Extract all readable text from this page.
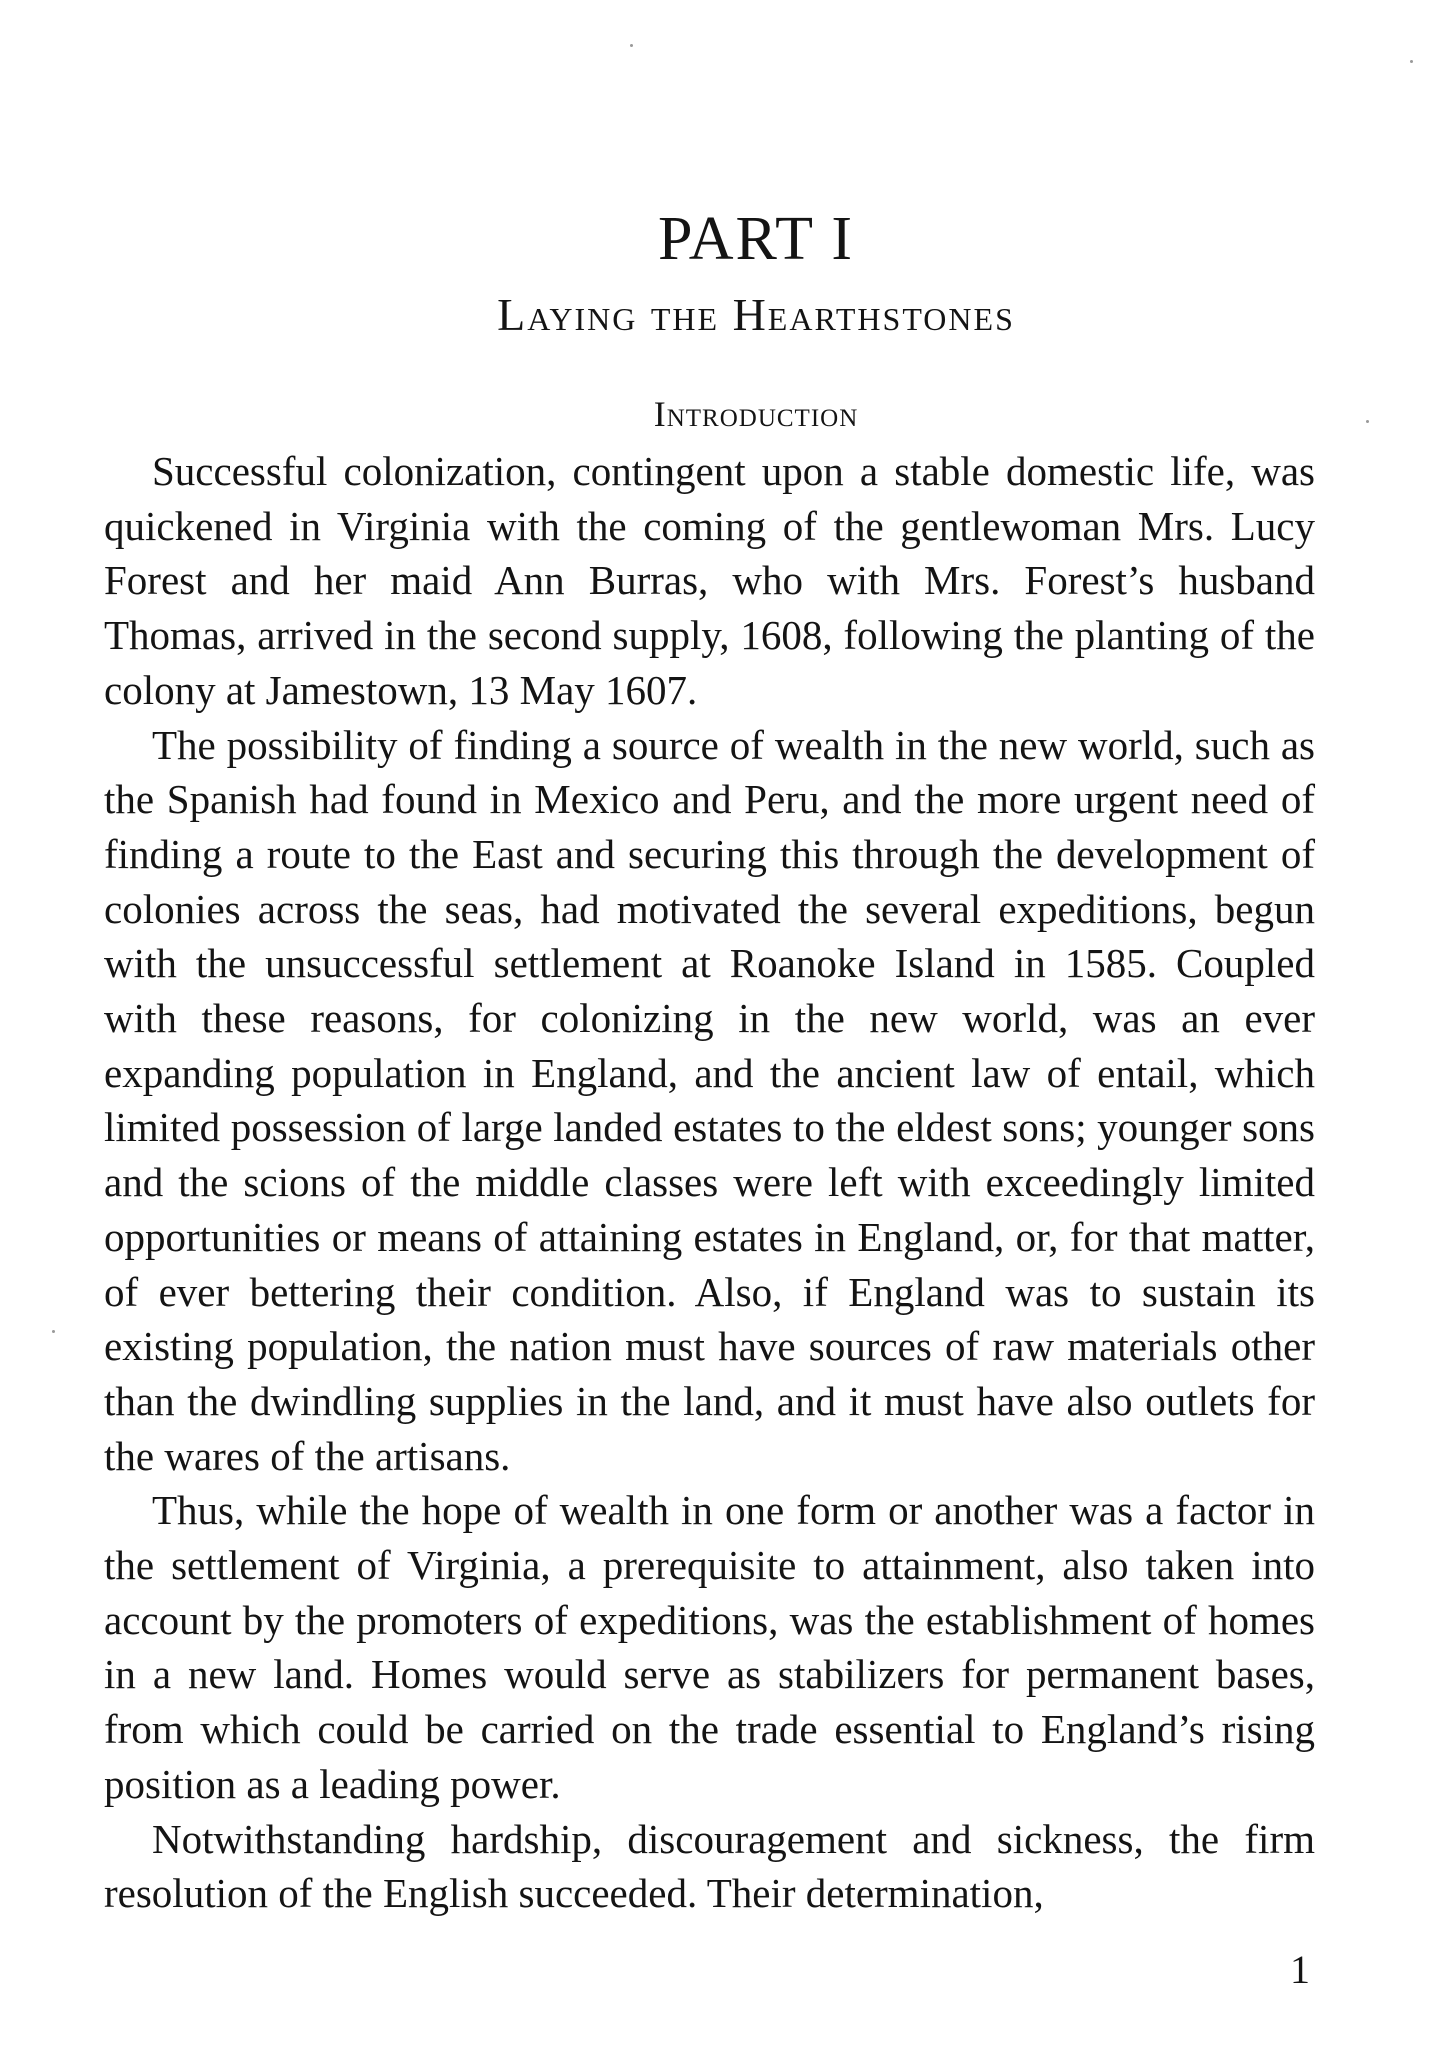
PART I
Laying the Hearthstones
Introduction

Successful colonization, contingent upon a stable domestic life, was quickened in Virginia with the coming of the gentlewoman Mrs. Lucy Forest and her maid Ann Burras, who with Mrs. Forest’s husband Thomas, arrived in the second supply, 1608, following the planting of the colony at Jamestown, 13 May 1607.

The possibility of finding a source of wealth in the new world, such as the Spanish had found in Mexico and Peru, and the more urgent need of finding a route to the East and securing this through the development of colonies across the seas, had motivated the several expeditions, begun with the unsuccessful settlement at Roanoke Island in 1585. Coupled with these reasons, for colonizing in the new world, was an ever expanding population in England, and the ancient law of entail, which limited possession of large landed estates to the eldest sons; younger sons and the scions of the middle classes were left with exceedingly limited opportunities or means of attaining estates in England, or, for that matter, of ever bettering their condition. Also, if England was to sustain its existing population, the nation must have sources of raw materials other than the dwindling supplies in the land, and it must have also outlets for the wares of the artisans.

Thus, while the hope of wealth in one form or another was a factor in the settlement of Virginia, a prerequisite to attainment, also taken into account by the promoters of expeditions, was the establishment of homes in a new land. Homes would serve as stabilizers for permanent bases, from which could be carried on the trade essential to England’s rising position as a leading power.

Notwithstanding hardship, discouragement and sickness, the firm resolution of the English succeeded. Their determination,

1
